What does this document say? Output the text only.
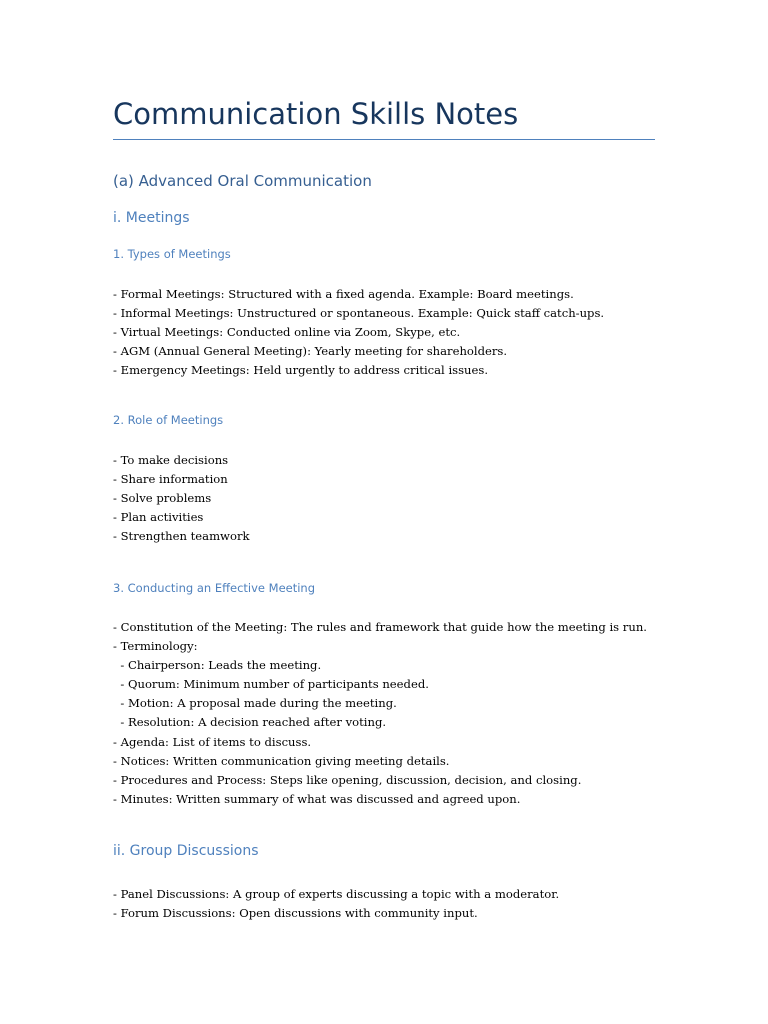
Communication Skills Notes
(a) Advanced Oral Communication
i. Meetings
1. Types of Meetings
- Formal Meetings: Structured with a fixed agenda. Example: Board meetings.
- Informal Meetings: Unstructured or spontaneous. Example: Quick staff catch-ups.
- Virtual Meetings: Conducted online via Zoom, Skype, etc.
- AGM (Annual General Meeting): Yearly meeting for shareholders.
- Emergency Meetings: Held urgently to address critical issues.
2. Role of Meetings
- To make decisions
- Share information
- Solve problems
- Plan activities
- Strengthen teamwork
3. Conducting an Effective Meeting
- Constitution of the Meeting: The rules and framework that guide how the meeting is run.
- Terminology:
- Chairperson: Leads the meeting.
- Quorum: Minimum number of participants needed.
- Motion: A proposal made during the meeting.
- Resolution: A decision reached after voting.
- Agenda: List of items to discuss.
- Notices: Written communication giving meeting details.
- Procedures and Process: Steps like opening, discussion, decision, and closing.
- Minutes: Written summary of what was discussed and agreed upon.
ii. Group Discussions
- Panel Discussions: A group of experts discussing a topic with a moderator.
- Forum Discussions: Open discussions with community input.
